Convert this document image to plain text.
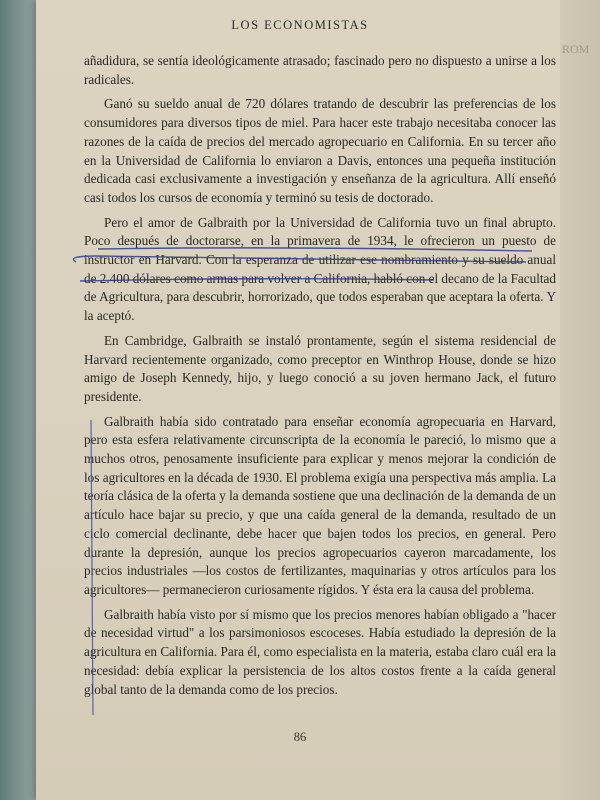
LOS ECONOMISTAS

añadidura, se sentía ideológicamente atrasado; fascinado pero no dispuesto a unirse a los radicales.

Ganó su sueldo anual de 720 dólares tratando de descubrir las preferencias de los consumidores para diversos tipos de miel. Para hacer este trabajo necesitaba conocer las razones de la caída de precios del mercado agropecuario en California. En su tercer año en la Universidad de California lo enviaron a Davis, entonces una pequeña institución dedicada casi exclusivamente a investigación y enseñanza de la agricultura. Allí enseñó casi todos los cursos de economía y terminó su tesis de doctorado.

Pero el amor de Galbraith por la Universidad de California tuvo un final abrupto. Poco después de doctorarse, en la primavera de 1934, le ofrecieron un puesto de instructor en Harvard. Con la esperanza de utilizar ese nombramiento y su sueldo anual de 2.400 dólares como armas para volver a California, habló con el decano de la Facultad de Agricultura, para descubrir, horrorizado, que todos esperaban que aceptara la oferta. Y la aceptó.

En Cambridge, Galbraith se instaló prontamente, según el sistema residencial de Harvard recientemente organizado, como preceptor en Winthrop House, donde se hizo amigo de Joseph Kennedy, hijo, y luego conoció a su joven hermano Jack, el futuro presidente.

Galbraith había sido contratado para enseñar economía agropecuaria en Harvard, pero esta esfera relativamente circunscripta de la economía le pareció, lo mismo que a muchos otros, penosamente insuficiente para explicar y menos mejorar la condición de los agricultores en la década de 1930. El problema exigía una perspectiva más amplia. La teoría clásica de la oferta y la demanda sostiene que una declinación de la demanda de un artículo hace bajar su precio, y que una caída general de la demanda, resultado de un ciclo comercial declinante, debe hacer que bajen todos los precios, en general. Pero durante la depresión, aunque los precios agropecuarios cayeron marcadamente, los precios industriales —los costos de fertilizantes, maquinarias y otros artículos para los agricultores— permanecieron curiosamente rígidos. Y ésta era la causa del problema.

Galbraith había visto por sí mismo que los precios menores habían obligado a "hacer de necesidad virtud" a los parsimoniosos escoceses. Había estudiado la depresión de la agricultura en California. Para él, como especialista en la materia, estaba claro cuál era la necesidad: debía explicar la persistencia de los altos costos frente a la caída general global tanto de la demanda como de los precios.

86
ROM
